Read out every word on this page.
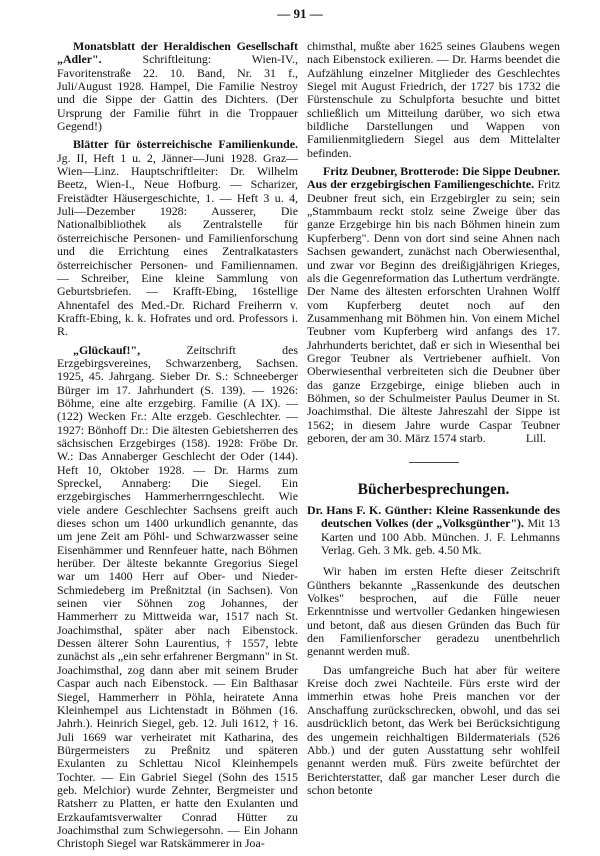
— 91 —

Monatsblatt der Heraldischen Gesellschaft „Adler". Schriftleitung: Wien-IV., Favoritenstraße 22. 10. Band, Nr. 31 f., Juli/August 1928. Hampel, Die Familie Nestroy und die Sippe der Gattin des Dichters. (Der Ursprung der Familie führt in die Troppauer Gegend!)

Blätter für österreichische Familienkunde. Jg. II, Heft 1 u. 2, Jänner—Juni 1928. Graz—Wien—Linz. Hauptschriftleiter: Dr. Wilhelm Beetz, Wien-I., Neue Hofburg. — Scharizer, Freistädter Häusergeschichte, 1. — Heft 3 u. 4, Juli—Dezember 1928: Ausserer, Die Nationalbibliothek als Zentralstelle für österreichische Personen- und Familienforschung und die Errichtung eines Zentralkatasters österreichischer Personen- und Familiennamen. — Schreiber, Eine kleine Sammlung von Geburtsbriefen. — Krafft-Ebing, 16stellige Ahnentafel des Med.-Dr. Richard Freiherrn v. Krafft-Ebing, k. k. Hofrates und ord. Professors i. R.

„Glückauf!", Zeitschrift des Erzgebirgsvereines, Schwarzenberg, Sachsen. 1925, 45. Jahrgang. Sieber Dr. S.: Schneeberger Bürger im 17. Jahrhundert (S. 139). — 1926: Böhme, eine alte erzgebirg. Familie (A IX). — (122) Wecken Fr.: Alte erzgeb. Geschlechter. — 1927: Bönhoff Dr.: Die ältesten Gebietsherren des sächsischen Erzgebirges (158). 1928: Fröbe Dr. W.: Das Annaberger Geschlecht der Oder (144). Heft 10, Oktober 1928. — Dr. Harms zum Spreckel, Annaberg: Die Siegel. Ein erzgebirgisches Hammerherrngeschlecht. Wie viele andere Geschlechter Sachsens greift auch dieses schon um 1400 urkundlich genannte, das um jene Zeit am Pöhl- und Schwarzwasser seine Eisenhämmer und Rennfeuer hatte, nach Böhmen herüber. Der älteste bekannte Gregorius Siegel war um 1400 Herr auf Ober- und Nieder-Schmiedeberg im Preßnitztal (in Sachsen). Von seinen vier Söhnen zog Johannes, der Hammerherr zu Mittweida war, 1517 nach St. Joachimsthal, später aber nach Eibenstock. Dessen älterer Sohn Laurentius, † 1557, lebte zunächst als „ein sehr erfahrener Bergmann" in St. Joachimsthal, zog dann aber mit seinem Bruder Caspar auch nach Eibenstock. — Ein Balthasar Siegel, Hammerherr in Pöhla, heiratete Anna Kleinhempel aus Lichtenstadt in Böhmen (16. Jahrh.). Heinrich Siegel, geb. 12. Juli 1612, † 16. Juli 1669 war verheiratet mit Katharina, des Bürgermeisters zu Preßnitz und späteren Exulanten zu Schlettau Nicol Kleinhempels Tochter. — Ein Gabriel Siegel (Sohn des 1515 geb. Melchior) wurde Zehnter, Bergmeister und Ratsherr zu Platten, er hatte den Exulanten und Erzkaufamtsverwalter Conrad Hütter zu Joachimsthal zum Schwiegersohn. — Ein Johann Christoph Siegel war Ratskämmerer in Joa-

chimsthal, mußte aber 1625 seines Glaubens wegen nach Eibenstock exilieren. — Dr. Harms beendet die Aufzählung einzelner Mitglieder des Geschlechtes Siegel mit August Friedrich, der 1727 bis 1732 die Fürstenschule zu Schulpforta besuchte und bittet schließlich um Mitteilung darüber, wo sich etwa bildliche Darstellungen und Wappen von Familienmitgliedern Siegel aus dem Mittelalter befinden.

Fritz Deubner, Brotterode: Die Sippe Deubner. Aus der erzgebirgischen Familiengeschichte. Fritz Deubner freut sich, ein Erzgebirgler zu sein; sein „Stammbaum reckt stolz seine Zweige über das ganze Erzgebirge hin bis nach Böhmen hinein zum Kupferberg". Denn von dort sind seine Ahnen nach Sachsen gewandert, zunächst nach Oberwiesenthal, und zwar vor Beginn des dreißigjährigen Krieges, als die Gegenreformation das Luthertum verdrängte. Der Name des ältesten erforschten Urahnen Wolff vom Kupferberg deutet noch auf den Zusammenhang mit Böhmen hin. Von einem Michel Teubner vom Kupferberg wird anfangs des 17. Jahrhunderts berichtet, daß er sich in Wiesenthal bei Gregor Teubner als Vertriebener aufhielt. Von Oberwiesenthal verbreiteten sich die Deubner über das ganze Erzgebirge, einige blieben auch in Böhmen, so der Schulmeister Paulus Deumer in St. Joachimsthal. Die älteste Jahreszahl der Sippe ist 1562; in diesem Jahre wurde Caspar Teubner geboren, der am 30. März 1574 starb.	Lill.

Bücherbesprechungen.

Dr. Hans F. K. Günther: Kleine Rassenkunde des deutschen Volkes (der „Volksgünther"). Mit 13 Karten und 100 Abb. München. J. F. Lehmanns Verlag. Geh. 3 Mk. geb. 4.50 Mk.

Wir haben im ersten Hefte dieser Zeitschrift Günthers bekannte „Rassenkunde des deutschen Volkes" besprochen, auf die Fülle neuer Erkenntnisse und wertvoller Gedanken hingewiesen und betont, daß aus diesen Gründen das Buch für den Familienforscher geradezu unentbehrlich genannt werden muß.

Das umfangreiche Buch hat aber für weitere Kreise doch zwei Nachteile. Fürs erste wird der immerhin etwas hohe Preis manchen vor der Anschaffung zurückschrecken, obwohl, und das sei ausdrücklich betont, das Werk bei Berücksichtigung des ungemein reichhaltigen Bildermaterials (526 Abb.) und der guten Ausstattung sehr wohlfeil genannt werden muß. Fürs zweite befürchtet der Berichterstatter, daß gar mancher Leser durch die schon betonte
